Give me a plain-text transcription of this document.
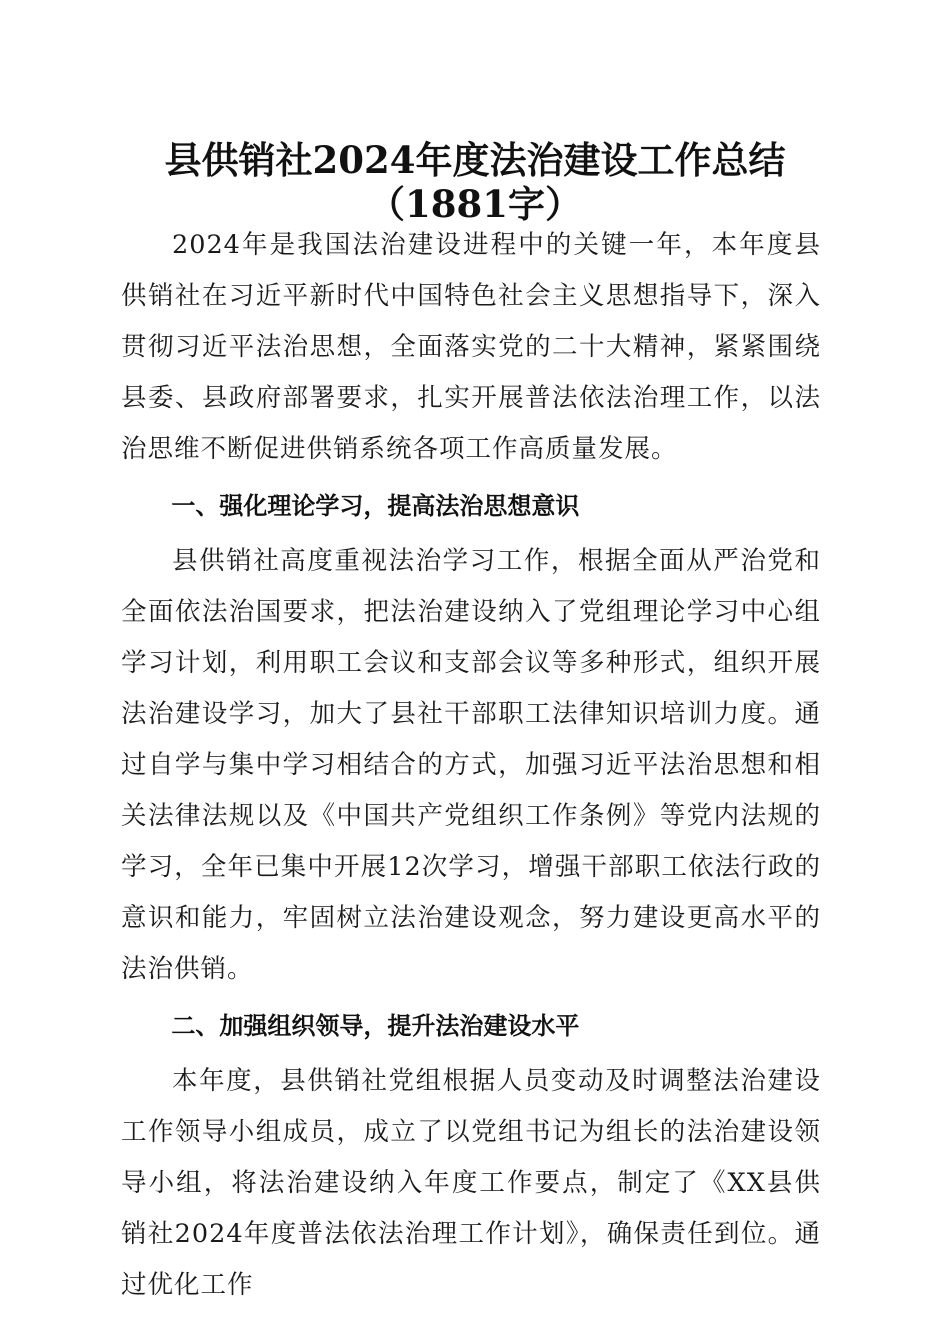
县供销社2024年度法治建设工作总结（1881字）

2024年是我国法治建设进程中的关键一年，本年度县供销社在习近平新时代中国特色社会主义思想指导下，深入贯彻习近平法治思想，全面落实党的二十大精神，紧紧围绕县委、县政府部署要求，扎实开展普法依法治理工作，以法治思维不断促进供销系统各项工作高质量发展。

一、强化理论学习，提高法治思想意识

县供销社高度重视法治学习工作，根据全面从严治党和全面依法治国要求，把法治建设纳入了党组理论学习中心组学习计划，利用职工会议和支部会议等多种形式，组织开展法治建设学习，加大了县社干部职工法律知识培训力度。通过自学与集中学习相结合的方式，加强习近平法治思想和相关法律法规以及《中国共产党组织工作条例》等党内法规的学习，全年已集中开展12次学习，增强干部职工依法行政的意识和能力，牢固树立法治建设观念，努力建设更高水平的法治供销。

二、加强组织领导，提升法治建设水平

本年度，县供销社党组根据人员变动及时调整法治建设工作领导小组成员，成立了以党组书记为组长的法治建设领导小组，将法治建设纳入年度工作要点，制定了《XX县供销社2024年度普法依法治理工作计划》，确保责任到位。通过优化工作
